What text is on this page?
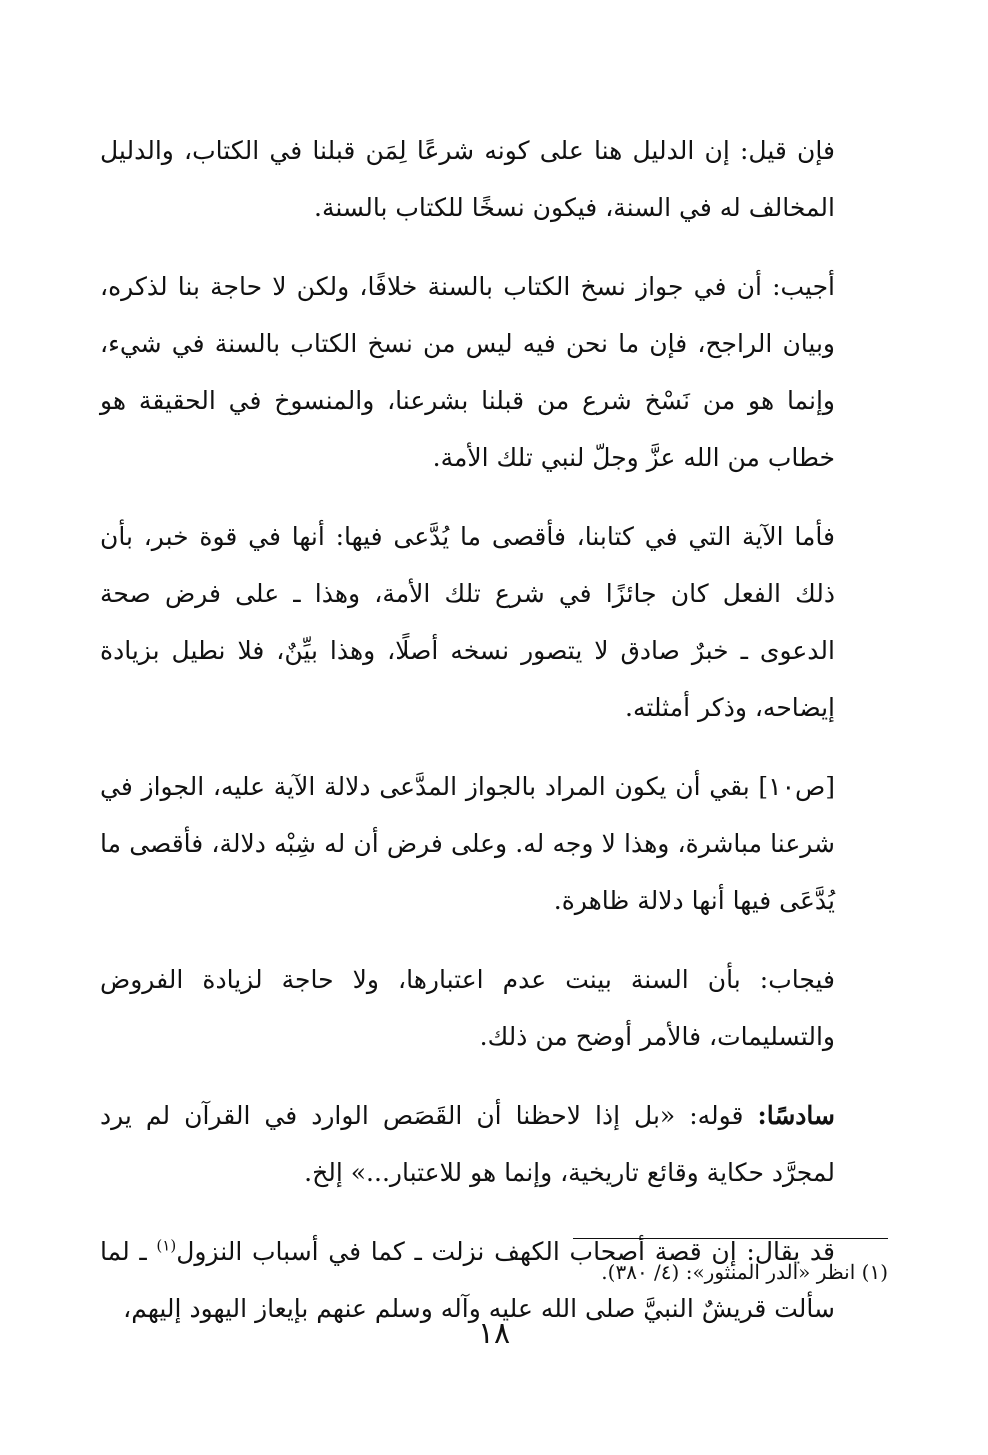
فإن قيل: إن الدليل هنا على كونه شرعًا لِمَن قبلنا في الكتاب، والدليل المخالف له في السنة، فيكون نسخًا للكتاب بالسنة.

أجيب: أن في جواز نسخ الكتاب بالسنة خلافًا، ولكن لا حاجة بنا لذكره، وبيان الراجح، فإن ما نحن فيه ليس من نسخ الكتاب بالسنة في شيء، وإنما هو من نَسْخ شرع من قبلنا بشرعنا، والمنسوخ في الحقيقة هو خطاب من الله عزَّ وجلّ لنبي تلك الأمة.

فأما الآية التي في كتابنا، فأقصى ما يُدَّعى فيها: أنها في قوة خبر، بأن ذلك الفعل كان جائزًا في شرع تلك الأمة، وهذا ـ على فرض صحة الدعوى ـ خبرٌ صادق لا يتصور نسخه أصلًا، وهذا بيِّنٌ، فلا نطيل بزيادة إيضاحه، وذكر أمثلته.

[ص١٠] بقي أن يكون المراد بالجواز المدَّعى دلالة الآية عليه، الجواز في شرعنا مباشرة، وهذا لا وجه له. وعلى فرض أن له شِبْه دلالة، فأقصى ما يُدَّعَى فيها أنها دلالة ظاهرة.

فيجاب: بأن السنة بينت عدم اعتبارها، ولا حاجة لزيادة الفروض والتسليمات، فالأمر أوضح من ذلك.

سادسًا: قوله: «بل إذا لاحظنا أن القَصَص الوارد في القرآن لم يرد لمجرَّد حكاية وقائع تاريخية، وإنما هو للاعتبار...» إلخ.

قد يقال: إن قصة أصحاب الكهف نزلت ـ كما في أسباب النزول$^{(١)}$ ـ لما سألت قريشٌ النبيَّ صلى الله عليه وآله وسلم عنهم بإيعاز اليهود إليهم،

(١) انظر «الدر المنثور»: (٤/ ٣٨٠).
١٨
